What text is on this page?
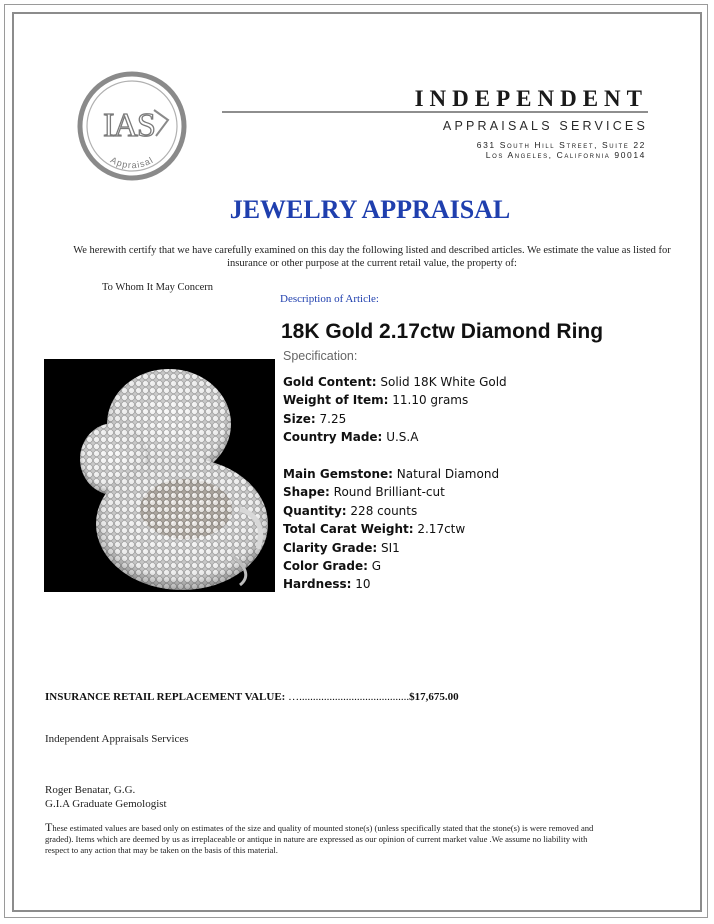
IAS
Appraisal
INDEPENDENT
APPRAISALS SERVICES
631 South Hill Street, Suite 22
Los Angeles, California 90014
JEWELRY APPRAISAL
We herewith certify that we have carefully examined on this day the following listed and described articles. We estimate the value as listed for insurance or other purpose at the current retail value, the property of:
To Whom It May Concern
Description of Article:
18K Gold 2.17ctw Diamond Ring
Specification:
Gold Content: Solid 18K White Gold
Weight of Item: 11.10 grams
Size: 7.25
Country Made: U.S.A
Main Gemstone: Natural Diamond
Shape: Round Brilliant-cut
Quantity: 228 counts
Total Carat Weight: 2.17ctw
Clarity Grade: SI1
Color Grade: G
Hardness: 10
INSURANCE RETAIL REPLACEMENT VALUE: …........................................$17,675.00
Independent Appraisals Services
Roger Benatar, G.G.
G.I.A Graduate Gemologist
These estimated values are based only on estimates of the size and quality of mounted stone(s) (unless specifically stated that the stone(s) is were removed and graded). Items which are deemed by us as irreplaceable or antique in nature are expressed as our opinion of current market value .We assume no liability with respect to any action that may be taken on the basis of this material.
